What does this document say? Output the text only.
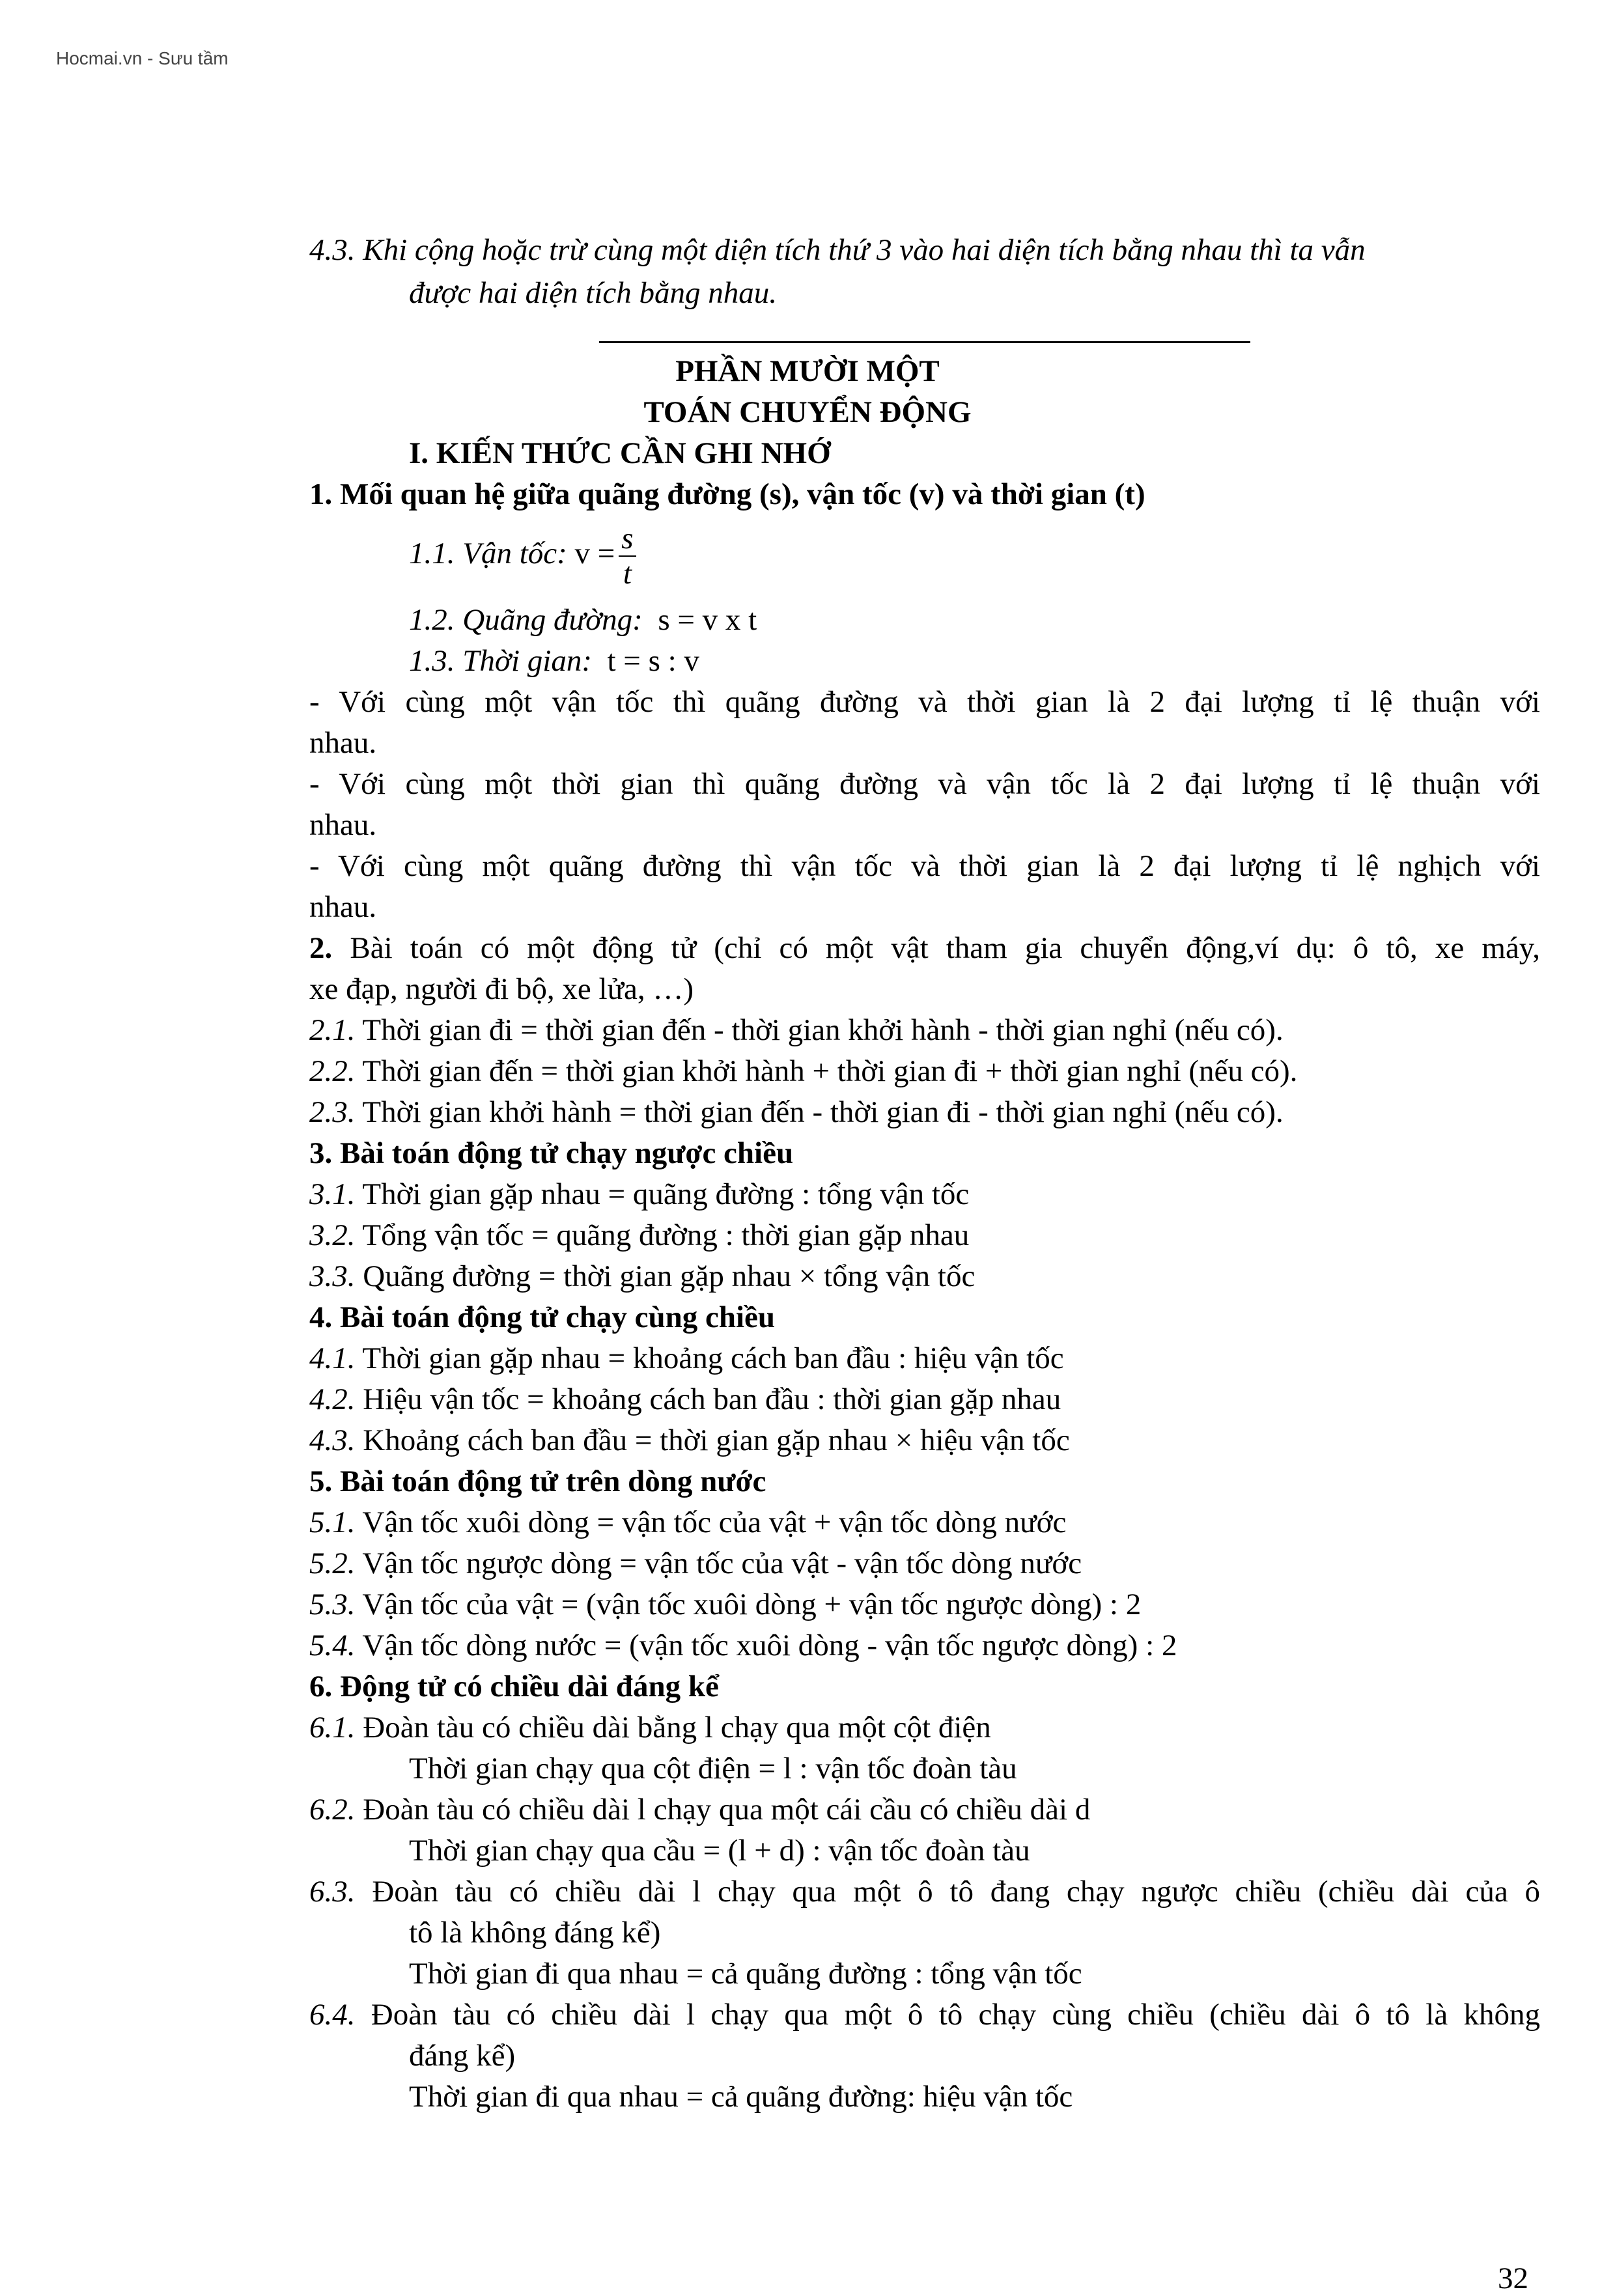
Hocmai.vn - Sưu tầm
4.3. Khi cộng hoặc trừ cùng một diện tích thứ 3 vào hai diện tích bằng nhau thì ta vẫn
được hai diện tích bằng nhau.
PHẦN MƯỜI MỘT
TOÁN CHUYỂN ĐỘNG
I. KIẾN THỨC CẦN GHI NHỚ
1. Mối quan hệ giữa quãng đường (s), vận tốc (v) và thời gian (t)
1.1. Vận tốc: $v = \frac{s}{t}$
1.2. Quãng đường: s = v x t
1.3. Thời gian: t = s : v
- Với cùng một vận tốc thì quãng đường và thời gian là 2 đại lượng tỉ lệ thuận với
nhau.
- Với cùng một thời gian thì quãng đường và vận tốc là 2 đại lượng tỉ lệ thuận với
nhau.
- Với cùng một quãng đường thì vận tốc và thời gian là 2 đại lượng tỉ lệ nghịch với
nhau.
2. Bài toán có một động tử (chỉ có một vật tham gia chuyển động,ví dụ: ô tô, xe máy,
xe đạp, người đi bộ, xe lửa, …)
2.1. Thời gian đi = thời gian đến - thời gian khởi hành - thời gian nghỉ (nếu có).
2.2. Thời gian đến = thời gian khởi hành + thời gian đi + thời gian nghỉ (nếu có).
2.3. Thời gian khởi hành = thời gian đến - thời gian đi - thời gian nghỉ (nếu có).
3. Bài toán động tử chạy ngược chiều
3.1. Thời gian gặp nhau = quãng đường : tổng vận tốc
3.2. Tổng vận tốc = quãng đường : thời gian gặp nhau
3.3. Quãng đường = thời gian gặp nhau × tổng vận tốc
4. Bài toán động tử chạy cùng chiều
4.1. Thời gian gặp nhau = khoảng cách ban đầu : hiệu vận tốc
4.2. Hiệu vận tốc = khoảng cách ban đầu : thời gian gặp nhau
4.3. Khoảng cách ban đầu = thời gian gặp nhau × hiệu vận tốc
5. Bài toán động tử trên dòng nước
5.1. Vận tốc xuôi dòng = vận tốc của vật + vận tốc dòng nước
5.2. Vận tốc ngược dòng = vận tốc của vật - vận tốc dòng nước
5.3. Vận tốc của vật = (vận tốc xuôi dòng + vận tốc ngược dòng) : 2
5.4. Vận tốc dòng nước = (vận tốc xuôi dòng - vận tốc ngược dòng) : 2
6. Động tử có chiều dài đáng kể
6.1. Đoàn tàu có chiều dài bằng l chạy qua một cột điện
Thời gian chạy qua cột điện = l : vận tốc đoàn tàu
6.2. Đoàn tàu có chiều dài l chạy qua một cái cầu có chiều dài d
Thời gian chạy qua cầu = (l + d) : vận tốc đoàn tàu
6.3. Đoàn tàu có chiều dài l chạy qua một ô tô đang chạy ngược chiều (chiều dài của ô
tô là không đáng kể)
Thời gian đi qua nhau = cả quãng đường : tổng vận tốc
6.4. Đoàn tàu có chiều dài l chạy qua một ô tô chạy cùng chiều (chiều dài ô tô là không
đáng kể)
Thời gian đi qua nhau = cả quãng đường: hiệu vận tốc
32
